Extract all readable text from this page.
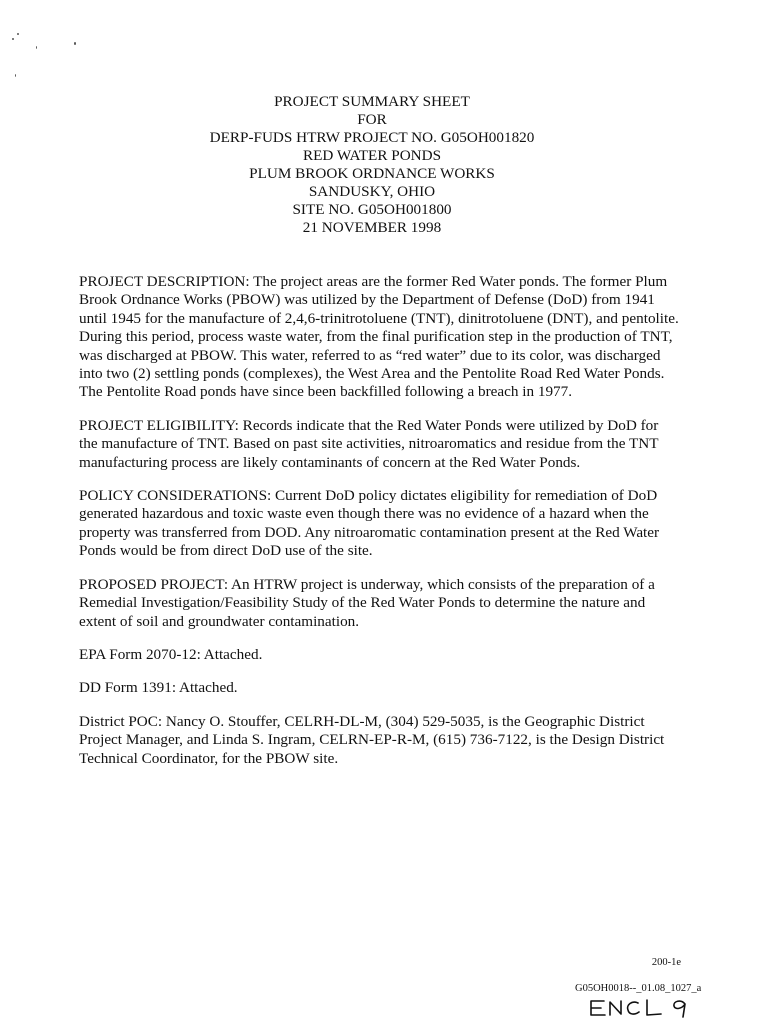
PROJECT SUMMARY SHEET
FOR
DERP-FUDS HTRW PROJECT NO. G05OH001820
RED WATER PONDS
PLUM BROOK ORDNANCE WORKS
SANDUSKY, OHIO
SITE NO. G05OH001800
21 NOVEMBER 1998

PROJECT DESCRIPTION: The project areas are the former Red Water ponds. The former Plum Brook Ordnance Works (PBOW) was utilized by the Department of Defense (DoD) from 1941 until 1945 for the manufacture of 2,4,6-trinitrotoluene (TNT), dinitrotoluene (DNT), and pentolite. During this period, process waste water, from the final purification step in the production of TNT, was discharged at PBOW. This water, referred to as “red water” due to its color, was discharged into two (2) settling ponds (complexes), the West Area and the Pentolite Road Red Water Ponds. The Pentolite Road ponds have since been backfilled following a breach in 1977.

PROJECT ELIGIBILITY: Records indicate that the Red Water Ponds were utilized by DoD for the manufacture of TNT. Based on past site activities, nitroaromatics and residue from the TNT manufacturing process are likely contaminants of concern at the Red Water Ponds.

POLICY CONSIDERATIONS: Current DoD policy dictates eligibility for remediation of DoD generated hazardous and toxic waste even though there was no evidence of a hazard when the property was transferred from DOD. Any nitroaromatic contamination present at the Red Water Ponds would be from direct DoD use of the site.

PROPOSED PROJECT: An HTRW project is underway, which consists of the preparation of a Remedial Investigation/Feasibility Study of the Red Water Ponds to determine the nature and extent of soil and groundwater contamination.

EPA Form 2070-12: Attached.

DD Form 1391: Attached.

District POC: Nancy O. Stouffer, CELRH-DL-M, (304) 529-5035, is the Geographic District Project Manager, and Linda S. Ingram, CELRN-EP-R-M, (615) 736-7122, is the Design District Technical Coordinator, for the PBOW site.

200-1e
G05OH0018--_01.08_1027_a
